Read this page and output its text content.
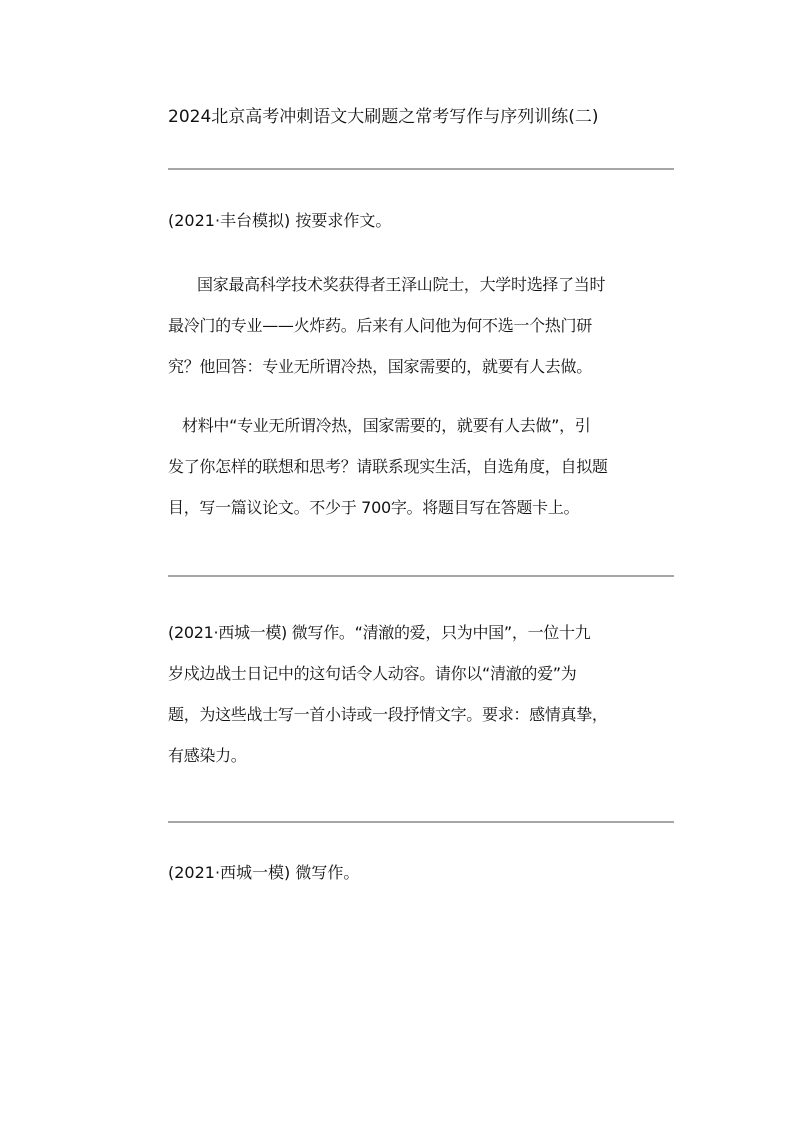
2024北京高考冲刺语文大刷题之常考写作与序列训练(二)
(2021·丰台模拟) 按要求作文。
国家最高科学技术奖获得者王泽山院士，大学时选择了当时
最冷门的专业——火炸药。后来有人问他为何不选一个热门研
究？他回答：专业无所谓冷热，国家需要的，就要有人去做。
材料中“专业无所谓冷热，国家需要的，就要有人去做”，引
发了你怎样的联想和思考？请联系现实生活，自选角度，自拟题
目，写一篇议论文。不少于 700字。将题目写在答题卡上。
(2021·西城一模) 微写作。“清澈的爱，只为中国”，一位十九
岁戍边战士日记中的这句话令人动容。请你以“清澈的爱”为
题，为这些战士写一首小诗或一段抒情文字。要求：感情真挚，
有感染力。
(2021·西城一模) 微写作。
